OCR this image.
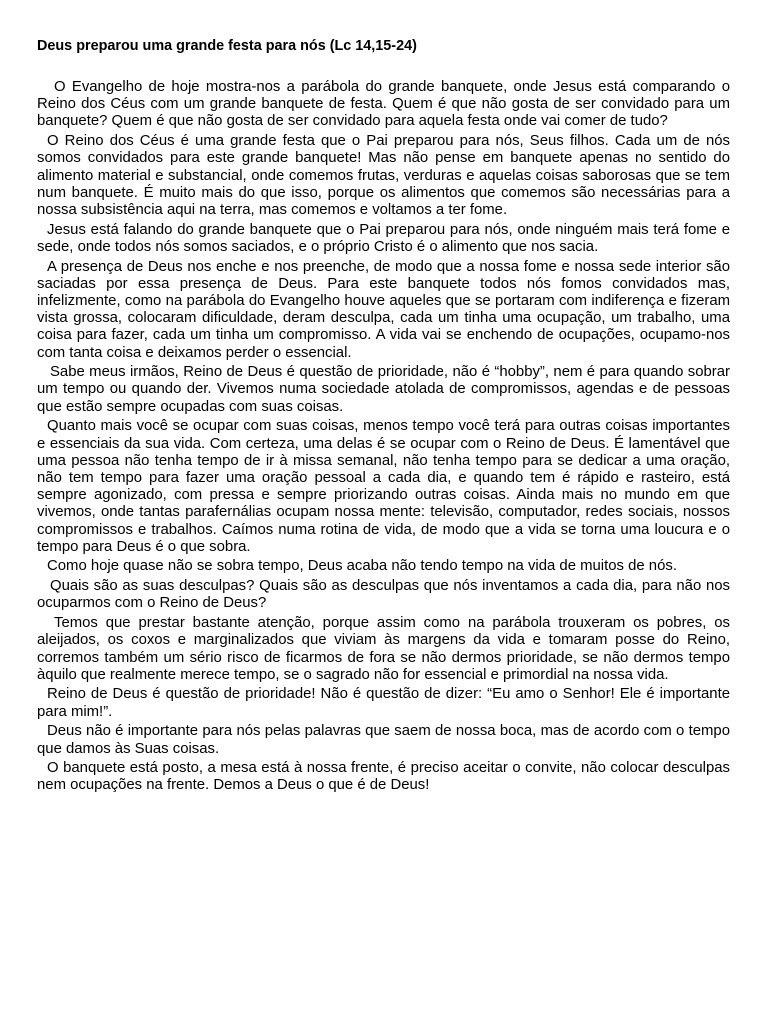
Deus preparou uma grande festa para nós (Lc 14,15-24)

O Evangelho de hoje mostra-nos a parábola do grande banquete, onde Jesus está comparando o Reino dos Céus com um grande banquete de festa. Quem é que não gosta de ser convidado para um banquete? Quem é que não gosta de ser convidado para aquela festa onde vai comer de tudo?

O Reino dos Céus é uma grande festa que o Pai preparou para nós, Seus filhos. Cada um de nós somos convidados para este grande banquete! Mas não pense em banquete apenas no sentido do alimento material e substancial, onde comemos frutas, verduras e aquelas coisas saborosas que se tem num banquete. É muito mais do que isso, porque os alimentos que comemos são necessárias para a nossa subsistência aqui na terra, mas comemos e voltamos a ter fome.

Jesus está falando do grande banquete que o Pai preparou para nós, onde ninguém mais terá fome e sede, onde todos nós somos saciados, e o próprio Cristo é o alimento que nos sacia.

A presença de Deus nos enche e nos preenche, de modo que a nossa fome e nossa sede interior são saciadas por essa presença de Deus. Para este banquete todos nós fomos convidados mas, infelizmente, como na parábola do Evangelho houve aqueles que se portaram com indiferença e fizeram vista grossa, colocaram dificuldade, deram desculpa, cada um tinha uma ocupação, um trabalho, uma coisa para fazer, cada um tinha um compromisso. A vida vai se enchendo de ocupações, ocupamo-nos com tanta coisa e deixamos perder o essencial.

Sabe meus irmãos, Reino de Deus é questão de prioridade, não é “hobby”, nem é para quando sobrar um tempo ou quando der. Vivemos numa sociedade atolada de compromissos, agendas e de pessoas que estão sempre ocupadas com suas coisas.

Quanto mais você se ocupar com suas coisas, menos tempo você terá para outras coisas importantes e essenciais da sua vida. Com certeza, uma delas é se ocupar com o Reino de Deus. É lamentável que uma pessoa não tenha tempo de ir à missa semanal, não tenha tempo para se dedicar a uma oração, não tem tempo para fazer uma oração pessoal a cada dia, e quando tem é rápido e rasteiro, está sempre agonizado, com pressa e sempre priorizando outras coisas. Ainda mais no mundo em que vivemos, onde tantas parafernálias ocupam nossa mente: televisão, computador, redes sociais, nossos compromissos e trabalhos. Caímos numa rotina de vida, de modo que a vida se torna uma loucura e o tempo para Deus é o que sobra.

Como hoje quase não se sobra tempo, Deus acaba não tendo tempo na vida de muitos de nós.

Quais são as suas desculpas? Quais são as desculpas que nós inventamos a cada dia, para não nos ocuparmos com o Reino de Deus?

Temos que prestar bastante atenção, porque assim como na parábola trouxeram os pobres, os aleijados, os coxos e marginalizados que viviam às margens da vida e tomaram posse do Reino, corremos também um sério risco de ficarmos de fora se não dermos prioridade, se não dermos tempo àquilo que realmente merece tempo, se o sagrado não for essencial e primordial na nossa vida.

Reino de Deus é questão de prioridade! Não é questão de dizer: “Eu amo o Senhor! Ele é importante para mim!”.

Deus não é importante para nós pelas palavras que saem de nossa boca, mas de acordo com o tempo que damos às Suas coisas.

O banquete está posto, a mesa está à nossa frente, é preciso aceitar o convite, não colocar desculpas nem ocupações na frente. Demos a Deus o que é de Deus!
